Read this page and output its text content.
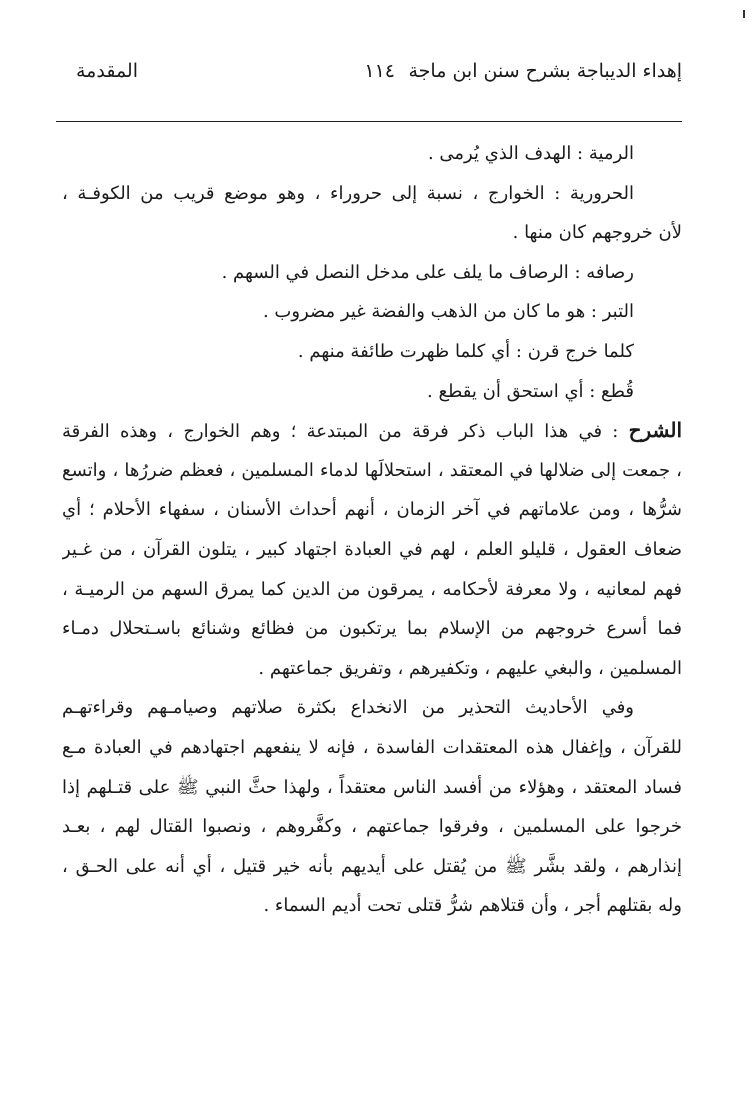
إهداء الديباجة بشرح سنن ابن ماجة
١١٤
المقدمة
الرمية : الهدف الذي يُرمى .
الحرورية : الخوارج ، نسبة إلى حروراء ، وهو موضع قريب من الكوفـة ،
لأن خروجهم كان منها .
رصافه : الرصاف ما يلف على مدخل النصل في السهم .
التبر : هو ما كان من الذهب والفضة غير مضروب .
كلما خرج قرن : أي كلما ظهرت طائفة منهم .
قُطع : أي استحق أن يقطع .
الشرح : في هذا الباب ذكر فرقة من المبتدعة ؛ وهم الخوارج ، وهذه الفرقة
، جمعت إلى ضلالها في المعتقد ، استحلالَها لدماء المسلمين ، فعظم ضررُها ، واتسع
شرُّها ، ومن علاماتهم في آخر الزمان ، أنهم أحداث الأسنان ، سفهاء الأحلام ؛ أي
ضعاف العقول ، قليلو العلم ، لهم في العبادة اجتهاد كبير ، يتلون القرآن ، من غـير
فهم لمعانيه ، ولا معرفة لأحكامه ، يمرقون من الدين كما يمرق السهم من الرميـة ،
فما أسرع خروجهم من الإسلام بما يرتكبون من فظائع وشنائع باسـتحلال دمـاء
المسلمين ، والبغي عليهم ، وتكفيرهم ، وتفريق جماعتهم .
وفي الأحاديث التحذير من الانخداع بكثرة صلاتهم وصيامـهم وقراءتهـم
للقرآن ، وإغفال هذه المعتقدات الفاسدة ، فإنه لا ينفعهم اجتهادهم في العبادة مـع
فساد المعتقد ، وهؤلاء من أفسد الناس معتقداً ، ولهذا حثَّ النبي ﷺ على قتـلهم إذا
خرجوا على المسلمين ، وفرقوا جماعتهم ، وكفَّروهم ، ونصبوا القتال لهم ، بعـد
إنذارهم ، ولقد بشَّر ﷺ من يُقتل على أيديهم بأنه خير قتيل ، أي أنه على الحـق ،
وله بقتلهم أجر ، وأن قتلاهم شرُّ قتلى تحت أديم السماء .
